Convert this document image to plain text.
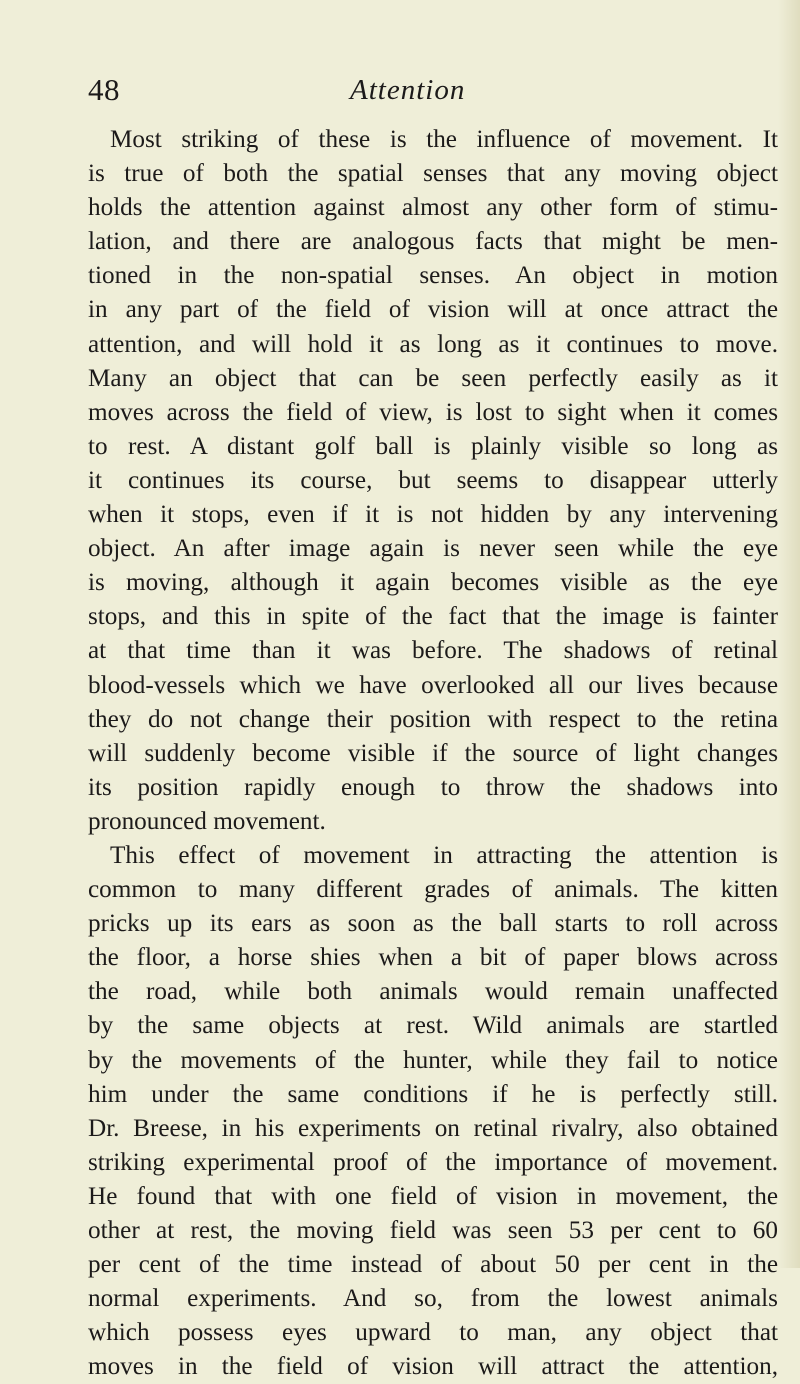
48	Attention
Most striking of these is the influence of movement. It
is true of both the spatial senses that any moving object
holds the attention against almost any other form of stimu-
lation, and there are analogous facts that might be men-
tioned in the non-spatial senses. An object in motion
in any part of the field of vision will at once attract the
attention, and will hold it as long as it continues to move.
Many an object that can be seen perfectly easily as it
moves across the field of view, is lost to sight when it comes
to rest. A distant golf ball is plainly visible so long as
it continues its course, but seems to disappear utterly
when it stops, even if it is not hidden by any intervening
object. An after image again is never seen while the eye
is moving, although it again becomes visible as the eye
stops, and this in spite of the fact that the image is fainter
at that time than it was before. The shadows of retinal
blood-vessels which we have overlooked all our lives because
they do not change their position with respect to the retina
will suddenly become visible if the source of light changes
its position rapidly enough to throw the shadows into
pronounced movement.
This effect of movement in attracting the attention is
common to many different grades of animals. The kitten
pricks up its ears as soon as the ball starts to roll across
the floor, a horse shies when a bit of paper blows across
the road, while both animals would remain unaffected
by the same objects at rest. Wild animals are startled
by the movements of the hunter, while they fail to notice
him under the same conditions if he is perfectly still.
Dr. Breese, in his experiments on retinal rivalry, also obtained
striking experimental proof of the importance of movement.
He found that with one field of vision in movement, the
other at rest, the moving field was seen 53 per cent to 60
per cent of the time instead of about 50 per cent in the
normal experiments. And so, from the lowest animals
which possess eyes upward to man, any object that
moves in the field of vision will attract the attention,
